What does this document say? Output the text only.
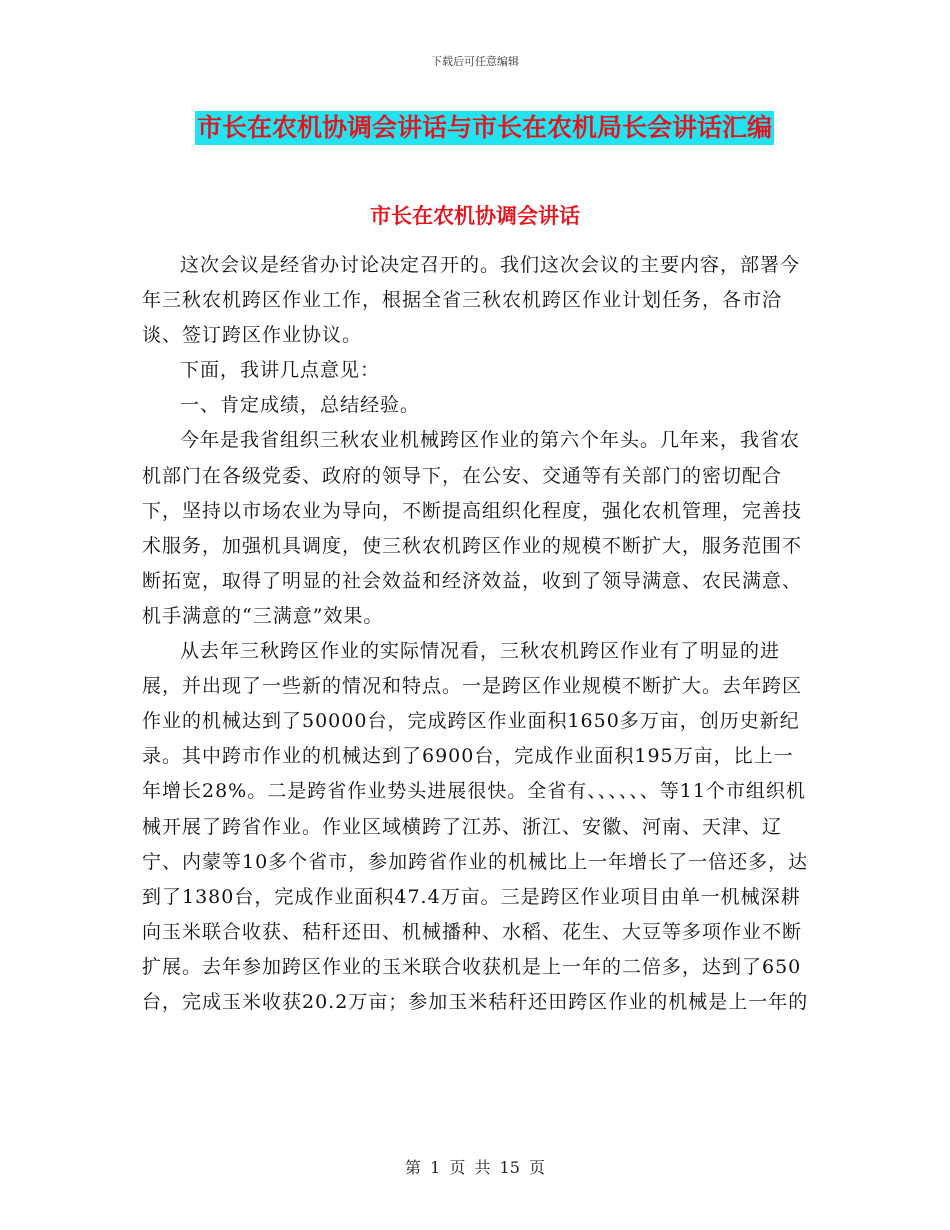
下载后可任意编辑
市长在农机协调会讲话与市长在农机局长会讲话汇编
市长在农机协调会讲话

这次会议是经省办讨论决定召开的。我们这次会议的主要内容，部署今年三秋农机跨区作业工作，根据全省三秋农机跨区作业计划任务，各市洽谈、签订跨区作业协议。

下面，我讲几点意见：

一、肯定成绩，总结经验。

今年是我省组织三秋农业机械跨区作业的第六个年头。几年来，我省农机部门在各级党委、政府的领导下，在公安、交通等有关部门的密切配合下，坚持以市场农业为导向，不断提高组织化程度，强化农机管理，完善技术服务，加强机具调度，使三秋农机跨区作业的规模不断扩大，服务范围不断拓宽，取得了明显的社会效益和经济效益，收到了领导满意、农民满意、机手满意的“三满意”效果。

从去年三秋跨区作业的实际情况看，三秋农机跨区作业有了明显的进展，并出现了一些新的情况和特点。一是跨区作业规模不断扩大。去年跨区作业的机械达到了50000台，完成跨区作业面积1650多万亩，创历史新纪录。其中跨市作业的机械达到了6900台，完成作业面积195万亩，比上一年增长28%。二是跨省作业势头进展很快。全省有、、、、、、等11个市组织机械开展了跨省作业。作业区域横跨了江苏、浙江、安徽、河南、天津、辽宁、内蒙等10多个省市，参加跨省作业的机械比上一年增长了一倍还多，达到了1380台，完成作业面积47.4万亩。三是跨区作业项目由单一机械深耕向玉米联合收获、秸秆还田、机械播种、水稻、花生、大豆等多项作业不断扩展。去年参加跨区作业的玉米联合收获机是上一年的二倍多，达到了650台，完成玉米收获20.2万亩；参加玉米秸秆还田跨区作业的机械是上一年的

第 1 页 共 15 页
